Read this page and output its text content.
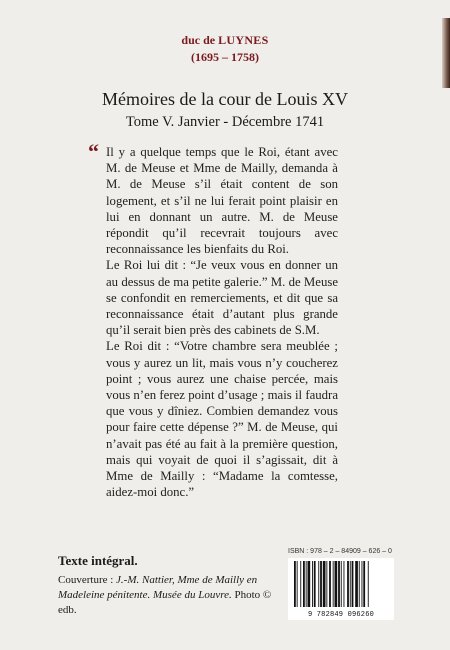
duc de LUYNES
(1695 – 1758)
Mémoires de la cour de Louis XV
Tome V. Janvier - Décembre 1741

“ Il y a quelque temps que le Roi, étant avec M. de Meuse et Mme de Mailly, demanda à M. de Meuse s’il était content de son logement, et s’il ne lui ferait point plaisir en lui en donnant un autre. M. de Meuse répondit qu’il recevrait toujours avec reconnaissance les bienfaits du Roi.

Le Roi lui dit : “Je veux vous en donner un au dessus de ma petite galerie.” M. de Meuse se confondit en remerciements, et dit que sa reconnaissance était d’autant plus grande qu’il serait bien près des cabinets de S.M.

Le Roi dit : “Votre chambre sera meublée ; vous y aurez un lit, mais vous n’y coucherez point ; vous aurez une chaise percée, mais vous n’en ferez point d’usage ; mais il faudra que vous y dîniez. Combien demandez vous pour faire cette dépense ?” M. de Meuse, qui n’avait pas été au fait à la première question, mais qui voyait de quoi il s’agissait, dit à Mme de Mailly : “Madame la comtesse, aidez-moi donc.”

Texte intégral.
ISBN : 978 – 2 – 84909 – 626 – 0
Couverture : J.-M. Nattier, Mme de Mailly en Madeleine pénitente. Musée du Louvre. Photo © edb.	9 782849 096260
